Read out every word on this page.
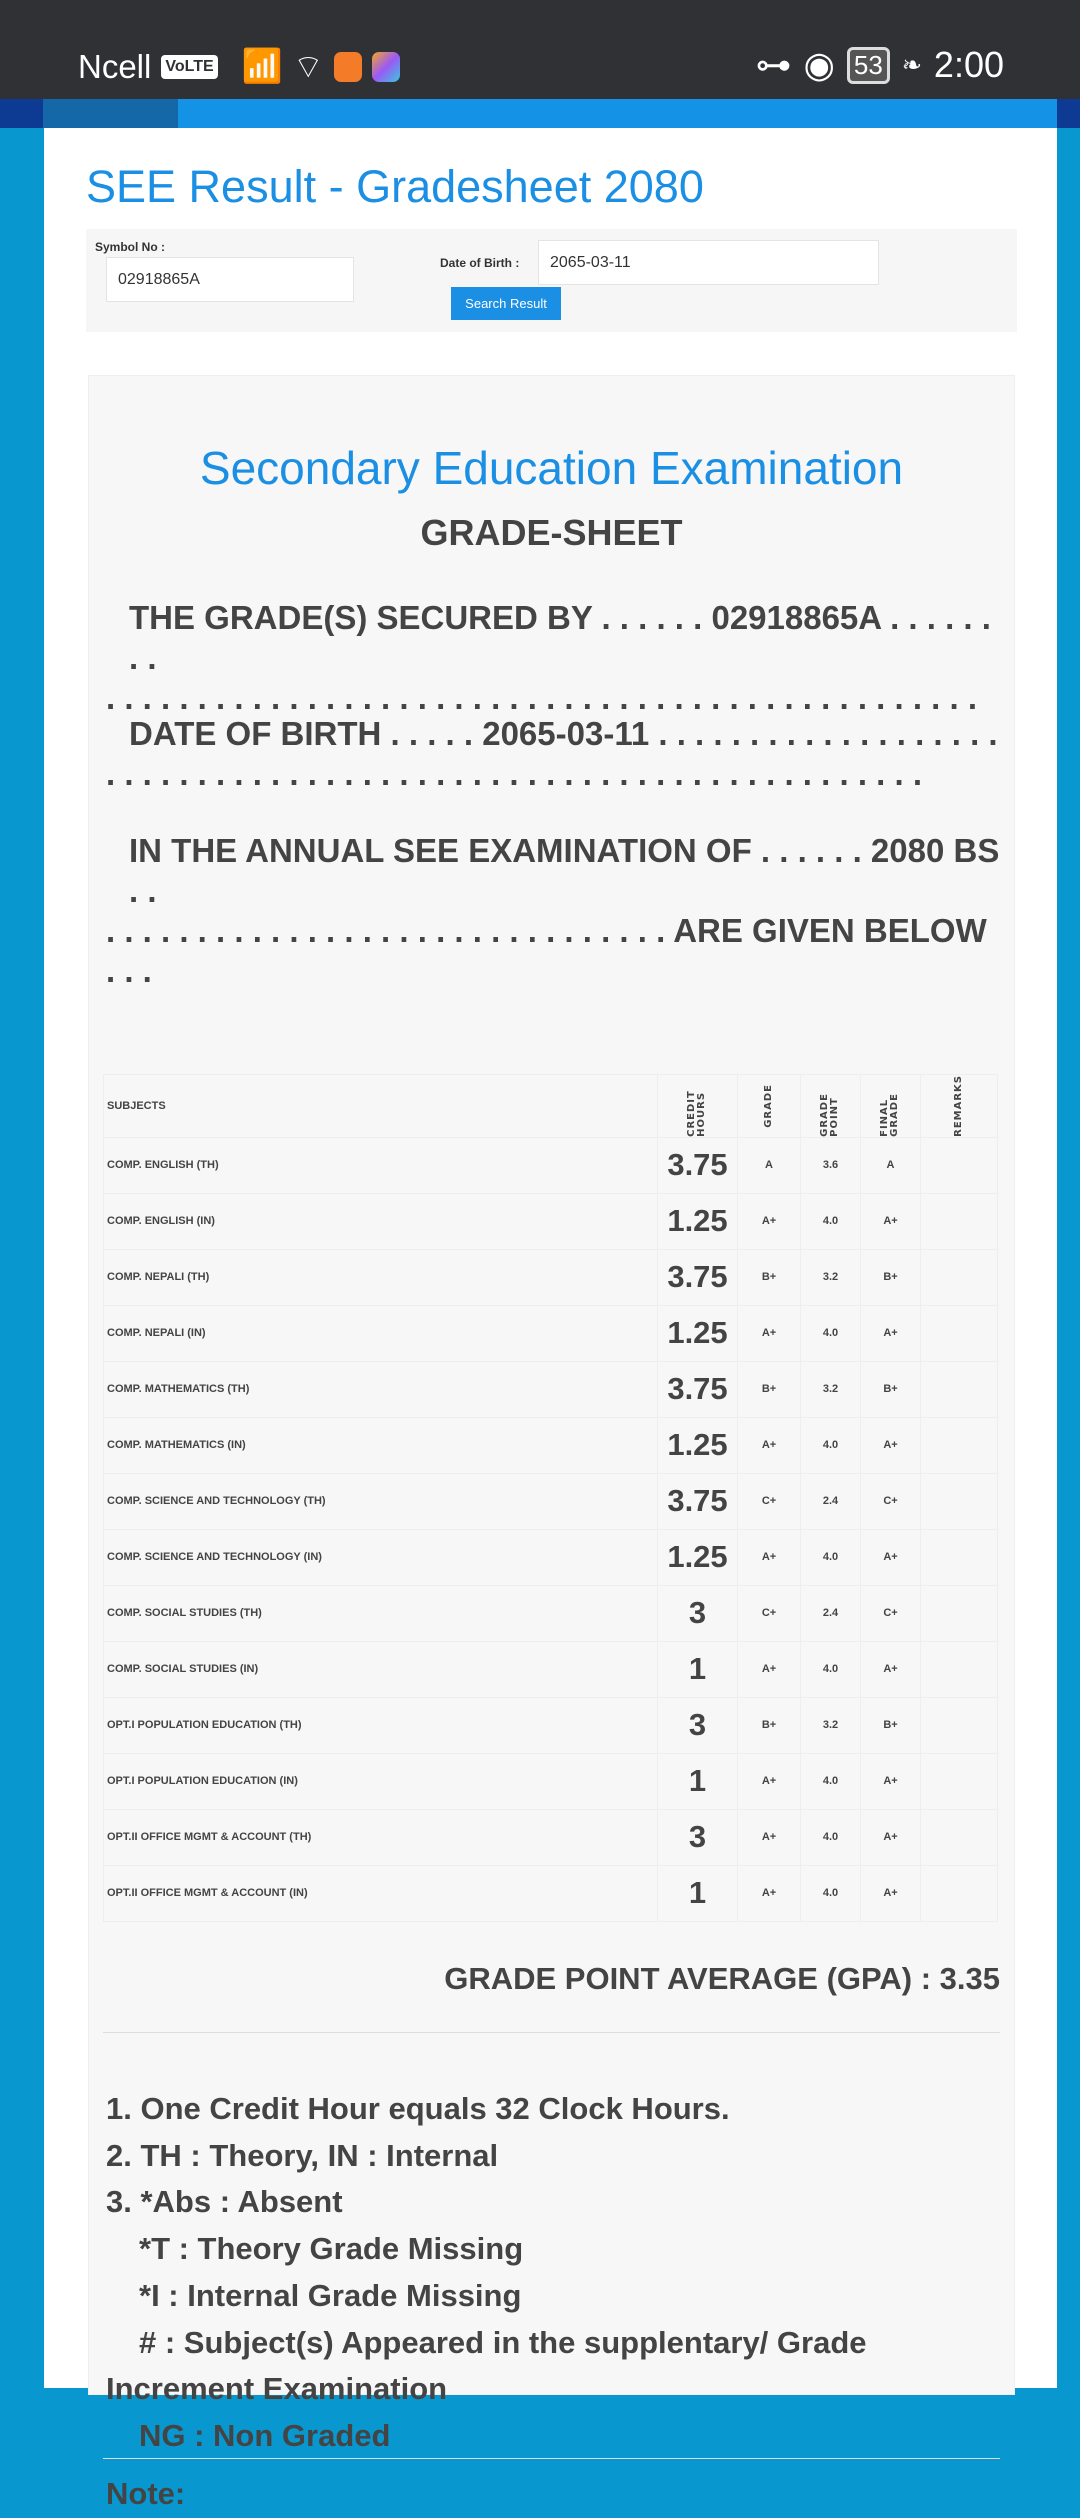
Ncell VoLTE 📶 ⌔	⊶ ◉ 53 ❧ 2:00
SEE Result - Gradesheet 2080
Symbol No :
02918865A
Date of Birth :
2065-03-11
Search Result
Secondary Education Examination
GRADE-SHEET
THE GRADE(S) SECURED BY . . . . . . 02918865A . . . . . . . .
. . . . . . . . . . . . . . . . . . . . . . . . . . . . . . . . . . . . . . . . . . . . . . . .
DATE OF BIRTH . . . . . 2065-03-11 . . . . . . . . . . . . . . . . . . .
. . . . . . . . . . . . . . . . . . . . . . . . . . . . . . . . . . . . . . . . . . . . .
IN THE ANNUAL SEE EXAMINATION OF . . . . . . 2080 BS . .
. . . . . . . . . . . . . . . . . . . . . . . . . . . . . . . ARE GIVEN BELOW . . .
SUBJECTS	CREDIT HOURS	GRADE	GRADE POINT	FINAL GRADE	REMARKS

COMP. ENGLISH (TH)	3.75	A	3.6	A	
COMP. ENGLISH (IN)	1.25	A+	4.0	A+	
COMP. NEPALI (TH)	3.75	B+	3.2	B+	
COMP. NEPALI (IN)	1.25	A+	4.0	A+	
COMP. MATHEMATICS (TH)	3.75	B+	3.2	B+	
COMP. MATHEMATICS (IN)	1.25	A+	4.0	A+	
COMP. SCIENCE AND TECHNOLOGY (TH)	3.75	C+	2.4	C+	
COMP. SCIENCE AND TECHNOLOGY (IN)	1.25	A+	4.0	A+	
COMP. SOCIAL STUDIES (TH)	3	C+	2.4	C+	
COMP. SOCIAL STUDIES (IN)	1	A+	4.0	A+	
OPT.I POPULATION EDUCATION (TH)	3	B+	3.2	B+	
OPT.I POPULATION EDUCATION (IN)	1	A+	4.0	A+	
OPT.II OFFICE MGMT & ACCOUNT (TH)	3	A+	4.0	A+	
OPT.II OFFICE MGMT & ACCOUNT (IN)	1	A+	4.0	A+	
GRADE POINT AVERAGE (GPA) : 3.35
1. One Credit Hour equals 32 Clock Hours.
2. TH : Theory, IN : Internal
3. *Abs : Absent
*T : Theory Grade Missing
*I : Internal Grade Missing
# : Subject(s) Appeared in the supplentary/ Grade
Increment Examination
NG : Non Graded
Note:
